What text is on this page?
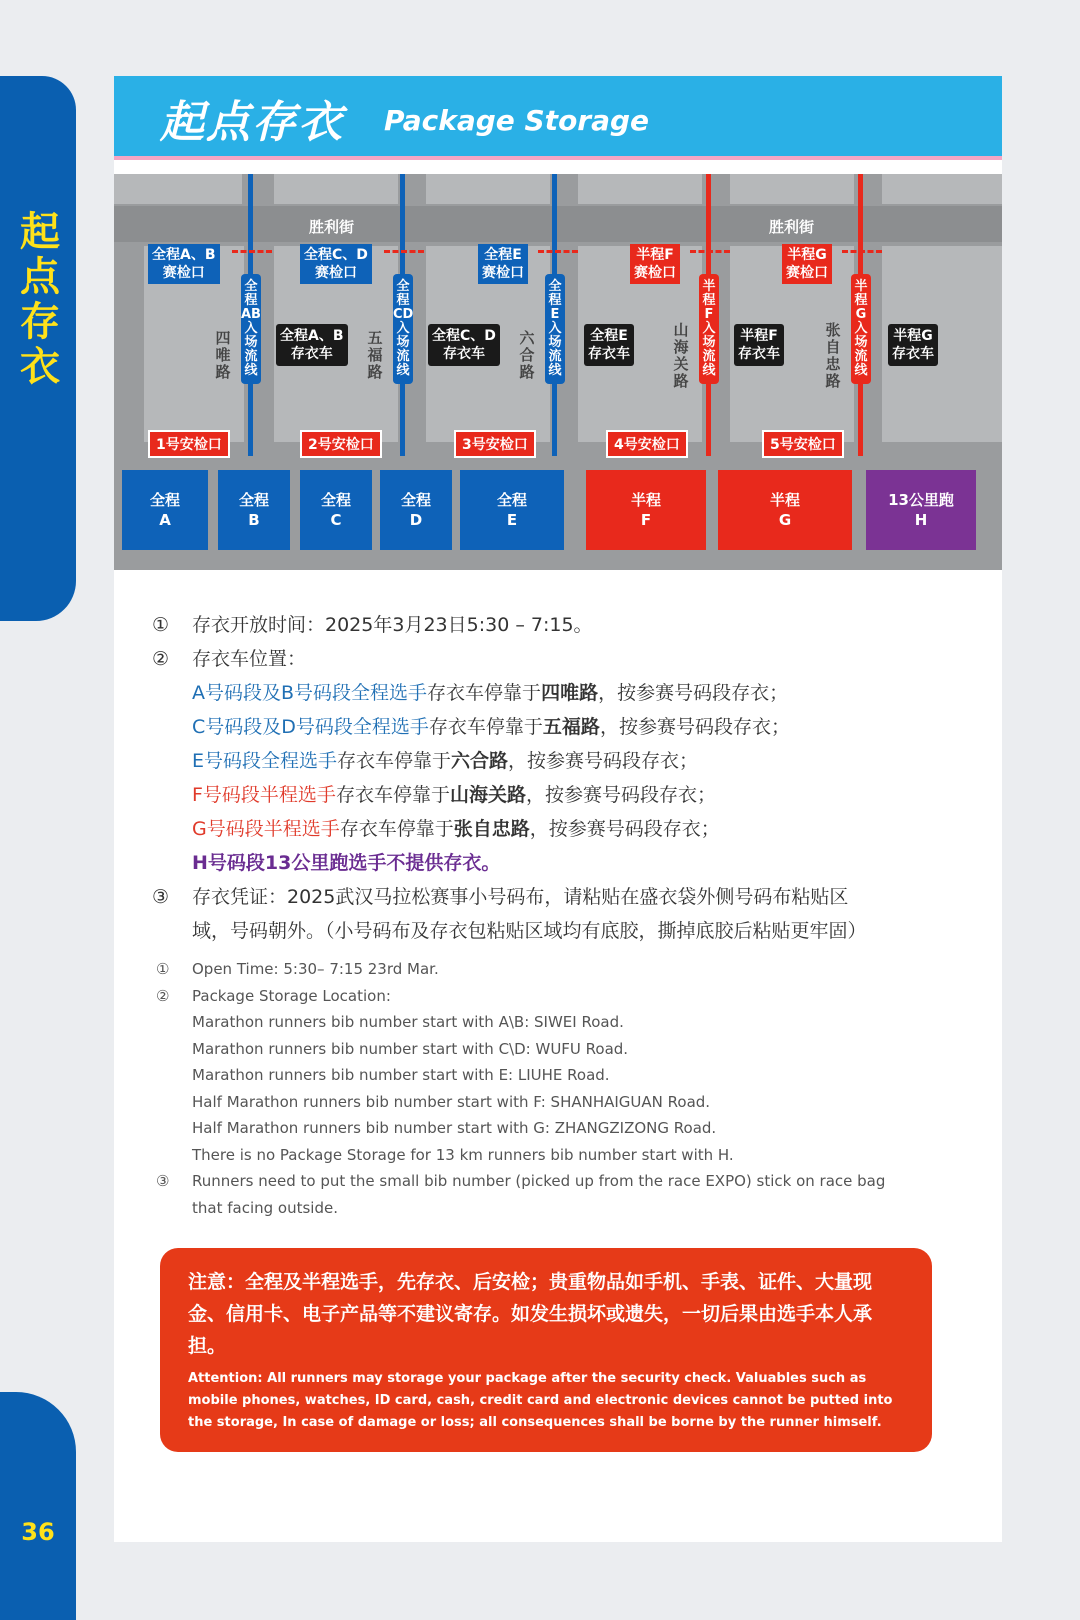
起点存衣
36
起点存衣 Package Storage
胜利街	胜利街
全程AB入场流线
全程CD入场流线
全程E入场流线
半程F入场流线
半程G入场流线
全程A、B
赛检口
全程C、D
赛检口
全程E
赛检口
半程F
赛检口
半程G
赛检口
四唯路
五福路
六合路
山海关路
张自忠路
全程A、B
存衣车
全程C、D
存衣车
全程E
存衣车
半程F
存衣车
半程G
存衣车
1号安检口	2号安检口	3号安检口	4号安检口	5号安检口
全程
A
全程
B
全程
C
全程
D
全程
E
半程
F
半程
G
13公里跑
H
① 存衣开放时间：2025年3月23日5:30 – 7:15。
② 存衣车位置：
A号码段及B号码段全程选手存衣车停靠于四唯路，按参赛号码段存衣；
C号码段及D号码段全程选手存衣车停靠于五福路，按参赛号码段存衣；
E号码段全程选手存衣车停靠于六合路，按参赛号码段存衣；
F号码段半程选手存衣车停靠于山海关路，按参赛号码段存衣；
G号码段半程选手存衣车停靠于张自忠路，按参赛号码段存衣；
H号码段13公里跑选手不提供存衣。
③ 存衣凭证：2025武汉马拉松赛事小号码布，请粘贴在盛衣袋外侧号码布粘贴区
域，号码朝外。（小号码布及存衣包粘贴区域均有底胶，撕掉底胶后粘贴更牢固）
① Open Time: 5:30– 7:15 23rd Mar.
② Package Storage Location:
Marathon runners bib number start with A\B: SIWEI Road.
Marathon runners bib number start with C\D: WUFU Road.
Marathon runners bib number start with E: LIUHE Road.
Half Marathon runners bib number start with F: SHANHAIGUAN Road.
Half Marathon runners bib number start with G: ZHANGZIZONG Road.
There is no Package Storage for 13 km runners bib number start with H.
③ Runners need to put the small bib number (picked up from the race EXPO) stick on race bag
that facing outside.
注意：全程及半程选手，先存衣、后安检；贵重物品如手机、手表、证件、大量现金、信用卡、电子产品等不建议寄存。如发生损坏或遗失，一切后果由选手本人承担。
Attention: All runners may storage your package after the security check. Valuables such as mobile phones, watches, ID card, cash, credit card and electronic devices cannot be putted into the storage, In case of damage or loss; all consequences shall be borne by the runner himself.
